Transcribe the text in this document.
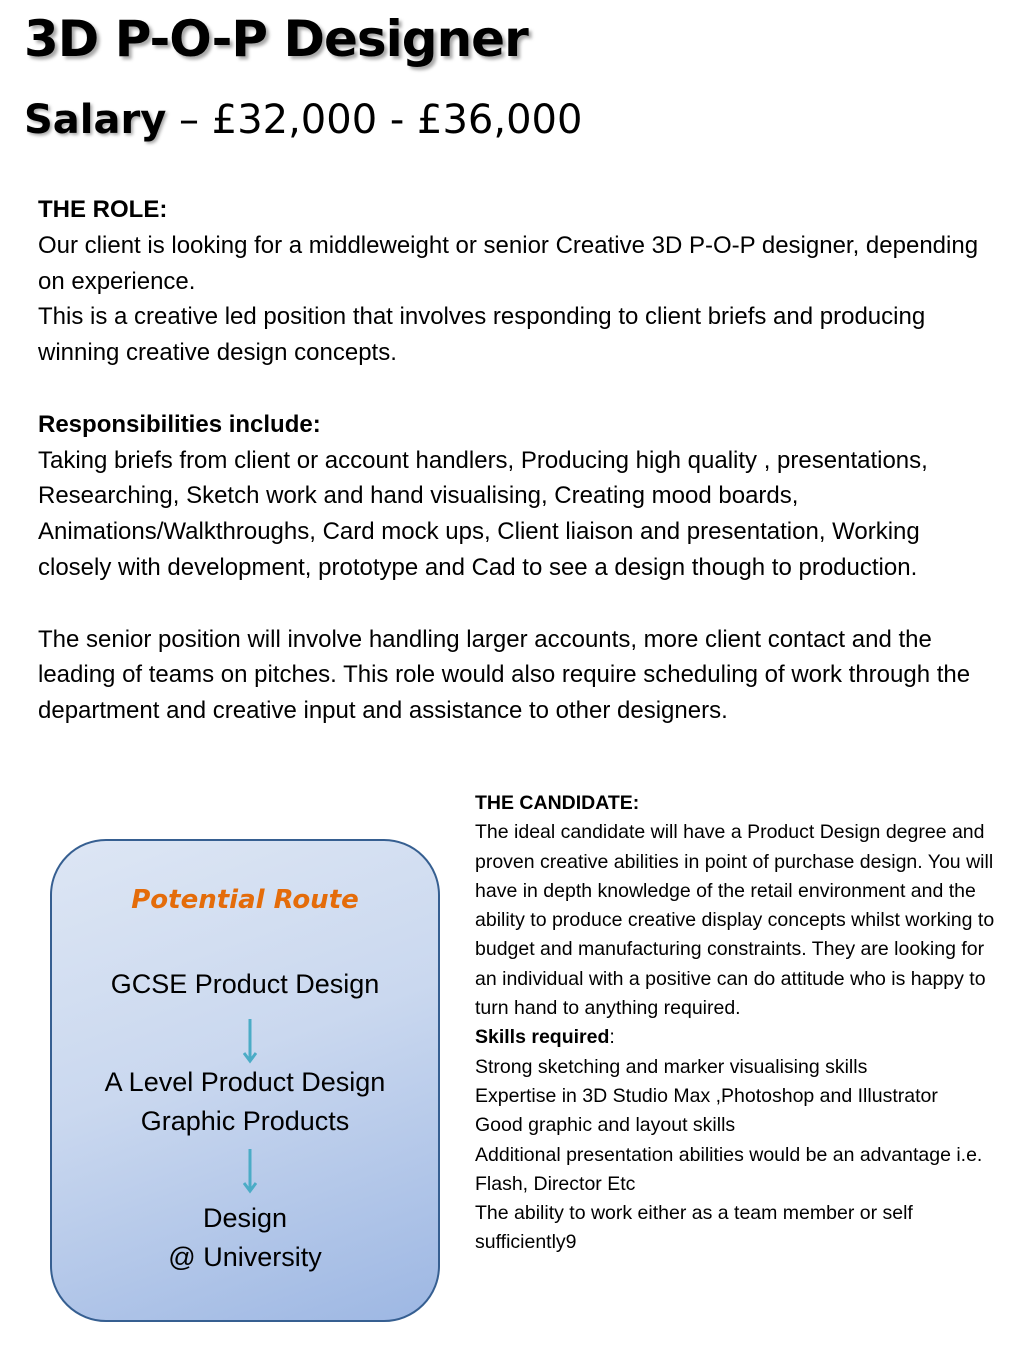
3D P-O-P Designer
Salary – £32,000 - £36,000

THE ROLE:

Our client is looking for a middleweight or senior Creative 3D P-O-P designer, depending on experience.

This is a creative led position that involves responding to client briefs and producing winning creative design concepts.

Responsibilities include:

Taking briefs from client or account handlers, Producing high quality , presentations, Researching, Sketch work and hand visualising, Creating mood boards, Animations/Walkthroughs, Card mock ups, Client liaison and presentation, Working closely with development, prototype and Cad to see a design though to production.

The senior position will involve handling larger accounts, more client contact and the leading of teams on pitches. This role would also require scheduling of work through the department and creative input and assistance to other designers.

THE CANDIDATE:

The ideal candidate will have a Product Design degree and proven creative abilities in point of purchase design. You will have in depth knowledge of the retail environment and the ability to produce creative display concepts whilst working to budget and manufacturing constraints. They are looking for an individual with a positive can do attitude who is happy to turn hand to anything required.

Skills required:

Strong sketching and marker visualising skills

Expertise in 3D Studio Max ,Photoshop and Illustrator

Good graphic and layout skills

Additional presentation abilities would be an advantage i.e. Flash, Director Etc

The ability to work either as a team member or self sufficiently9

Potential Route
GCSE Product Design
A Level Product Design
Graphic Products
Design
@ University
